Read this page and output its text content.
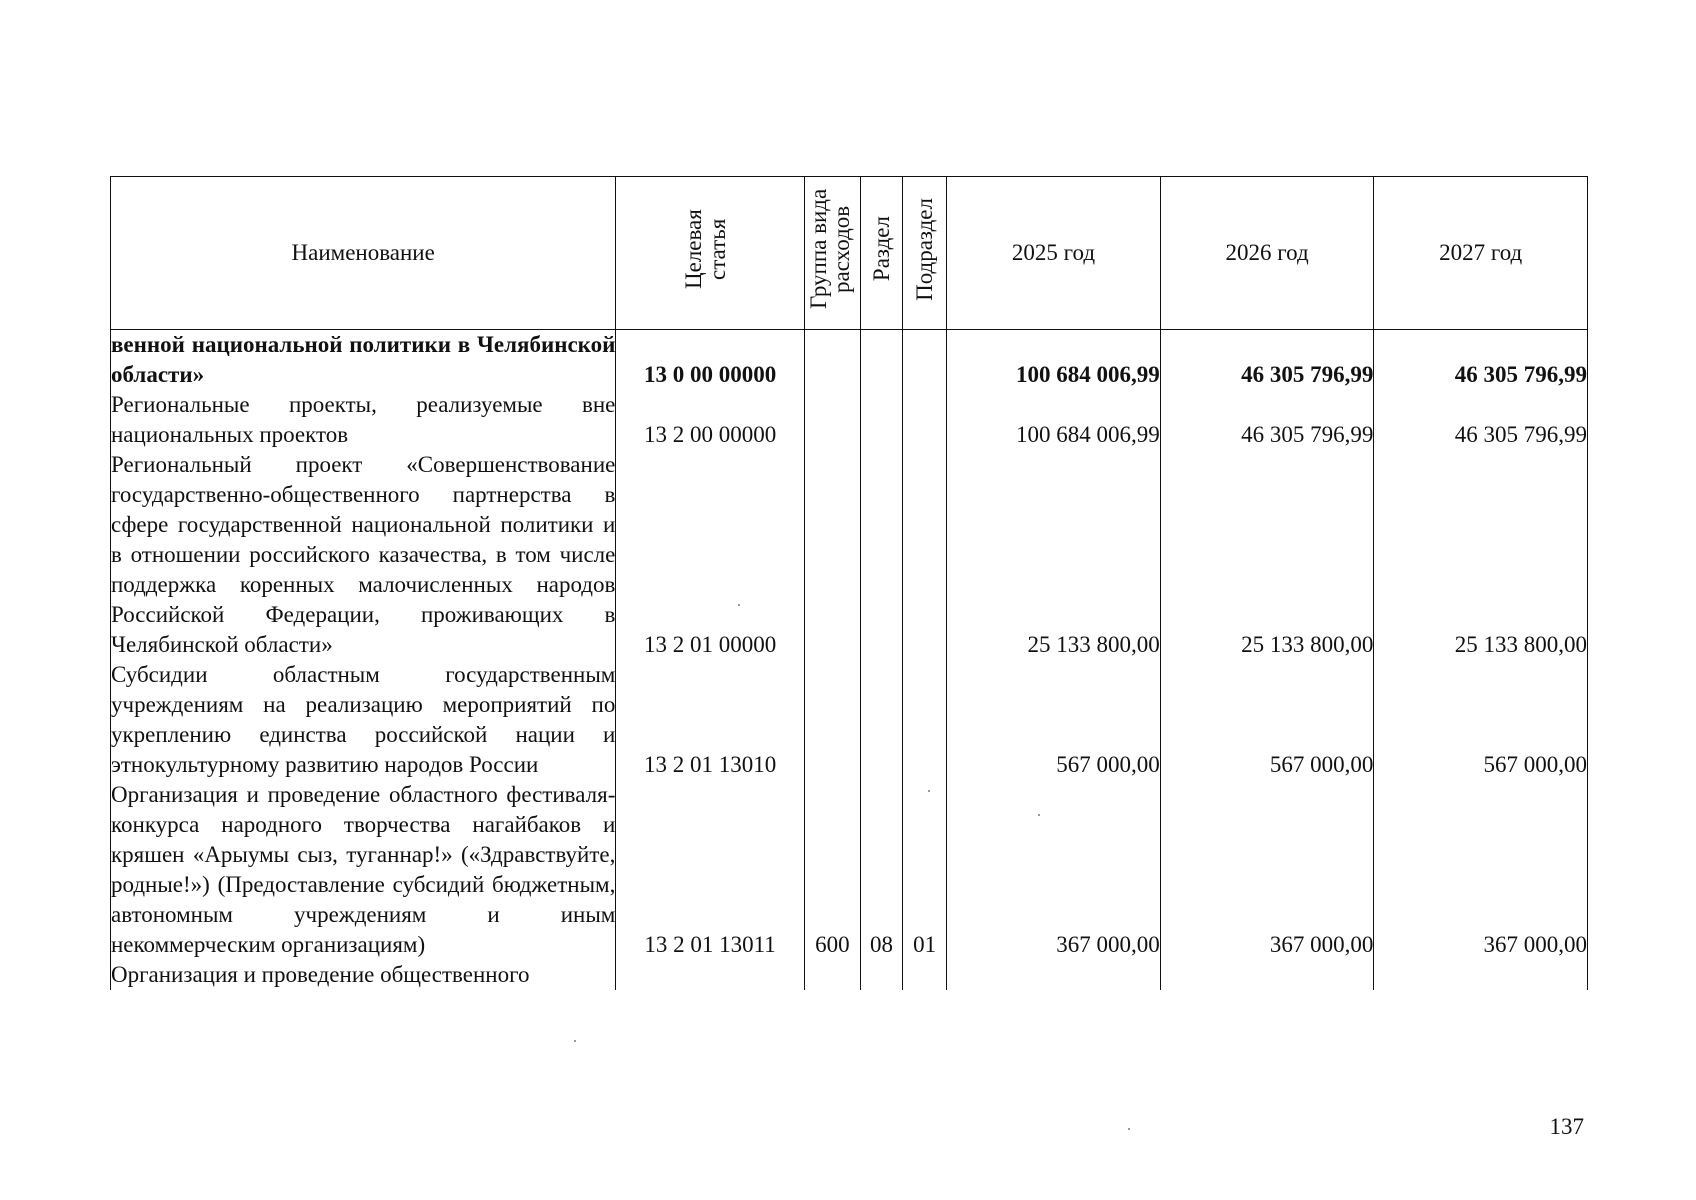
Наименование	Целевая статья	Группа вида расходов	Раздел	Подраздел	2025 год	2026 год	2027 год
венной национальной политики в Челябинской области»	13 0 00 00000				100 684 006,99	46 305 796,99	46 305 796,99
Региональные проекты, реализуемые вне национальных проектов	13 2 00 00000				100 684 006,99	46 305 796,99	46 305 796,99
Региональный проект «Совершенствование государственно-общественного партнерства в сфере государственной национальной политики и в отношении российского казачества, в том числе поддержка коренных малочисленных народов Российской Федерации, проживающих в Челябинской области»	13 2 01 00000				25 133 800,00	25 133 800,00	25 133 800,00
Субсидии областным государственным учреждениям на реализацию мероприятий по укреплению единства российской нации и этнокультурному развитию народов России	13 2 01 13010				567 000,00	567 000,00	567 000,00
Организация и проведение областного фестиваля-конкурса народного творчества нагайбаков и кряшен «Арыумы сыз, туганнар!» («Здравствуйте, родные!») (Предоставление субсидий бюджетным, автономным учреждениям и иным некоммерческим организациям)	13 2 01 13011	600	08	01	367 000,00	367 000,00	367 000,00
Организация и проведение общественного							
137
